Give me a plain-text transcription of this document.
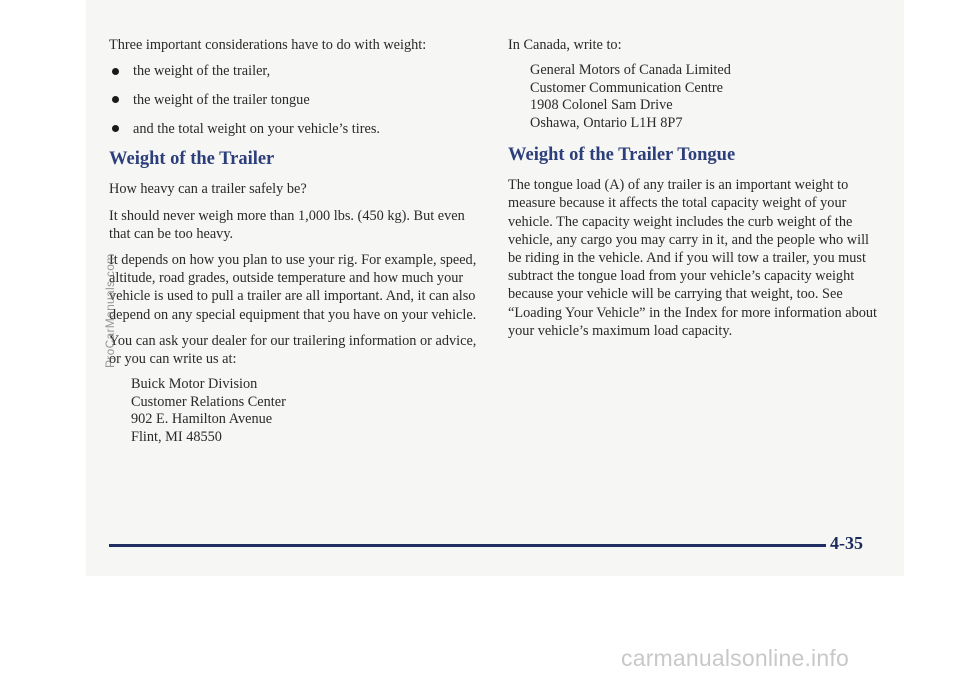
Three important considerations have to do with weight:

the weight of the trailer,
the weight of the trailer tongue
and the total weight on your vehicle’s tires.
Weight of the Trailer

How heavy can a trailer safely be?

It should never weigh more than 1,000 lbs. (450 kg). But even that can be too heavy.

It depends on how you plan to use your rig. For example, speed, altitude, road grades, outside temperature and how much your vehicle is used to pull a trailer are all important. And, it can also depend on any special equipment that you have on your vehicle.

You can ask your dealer for our trailering information or advice, or you can write us at:

Buick Motor Division
Customer Relations Center
902 E. Hamilton Avenue
Flint, MI 48550

In Canada, write to:

General Motors of Canada Limited
Customer Communication Centre
1908 Colonel Sam Drive
Oshawa, Ontario L1H 8P7
Weight of the Trailer Tongue

The tongue load (A) of any trailer is an important weight to measure because it affects the total capacity weight of your vehicle. The capacity weight includes the curb weight of the vehicle, any cargo you may carry in it, and the people who will be riding in the vehicle. And if you will tow a trailer, you must subtract the tongue load from your vehicle’s capacity weight because your vehicle will be carrying that weight, too. See “Loading Your Vehicle” in the Index for more information about your vehicle’s maximum load capacity.

4-35
ProCarManuals.com
carmanualsonline.info
